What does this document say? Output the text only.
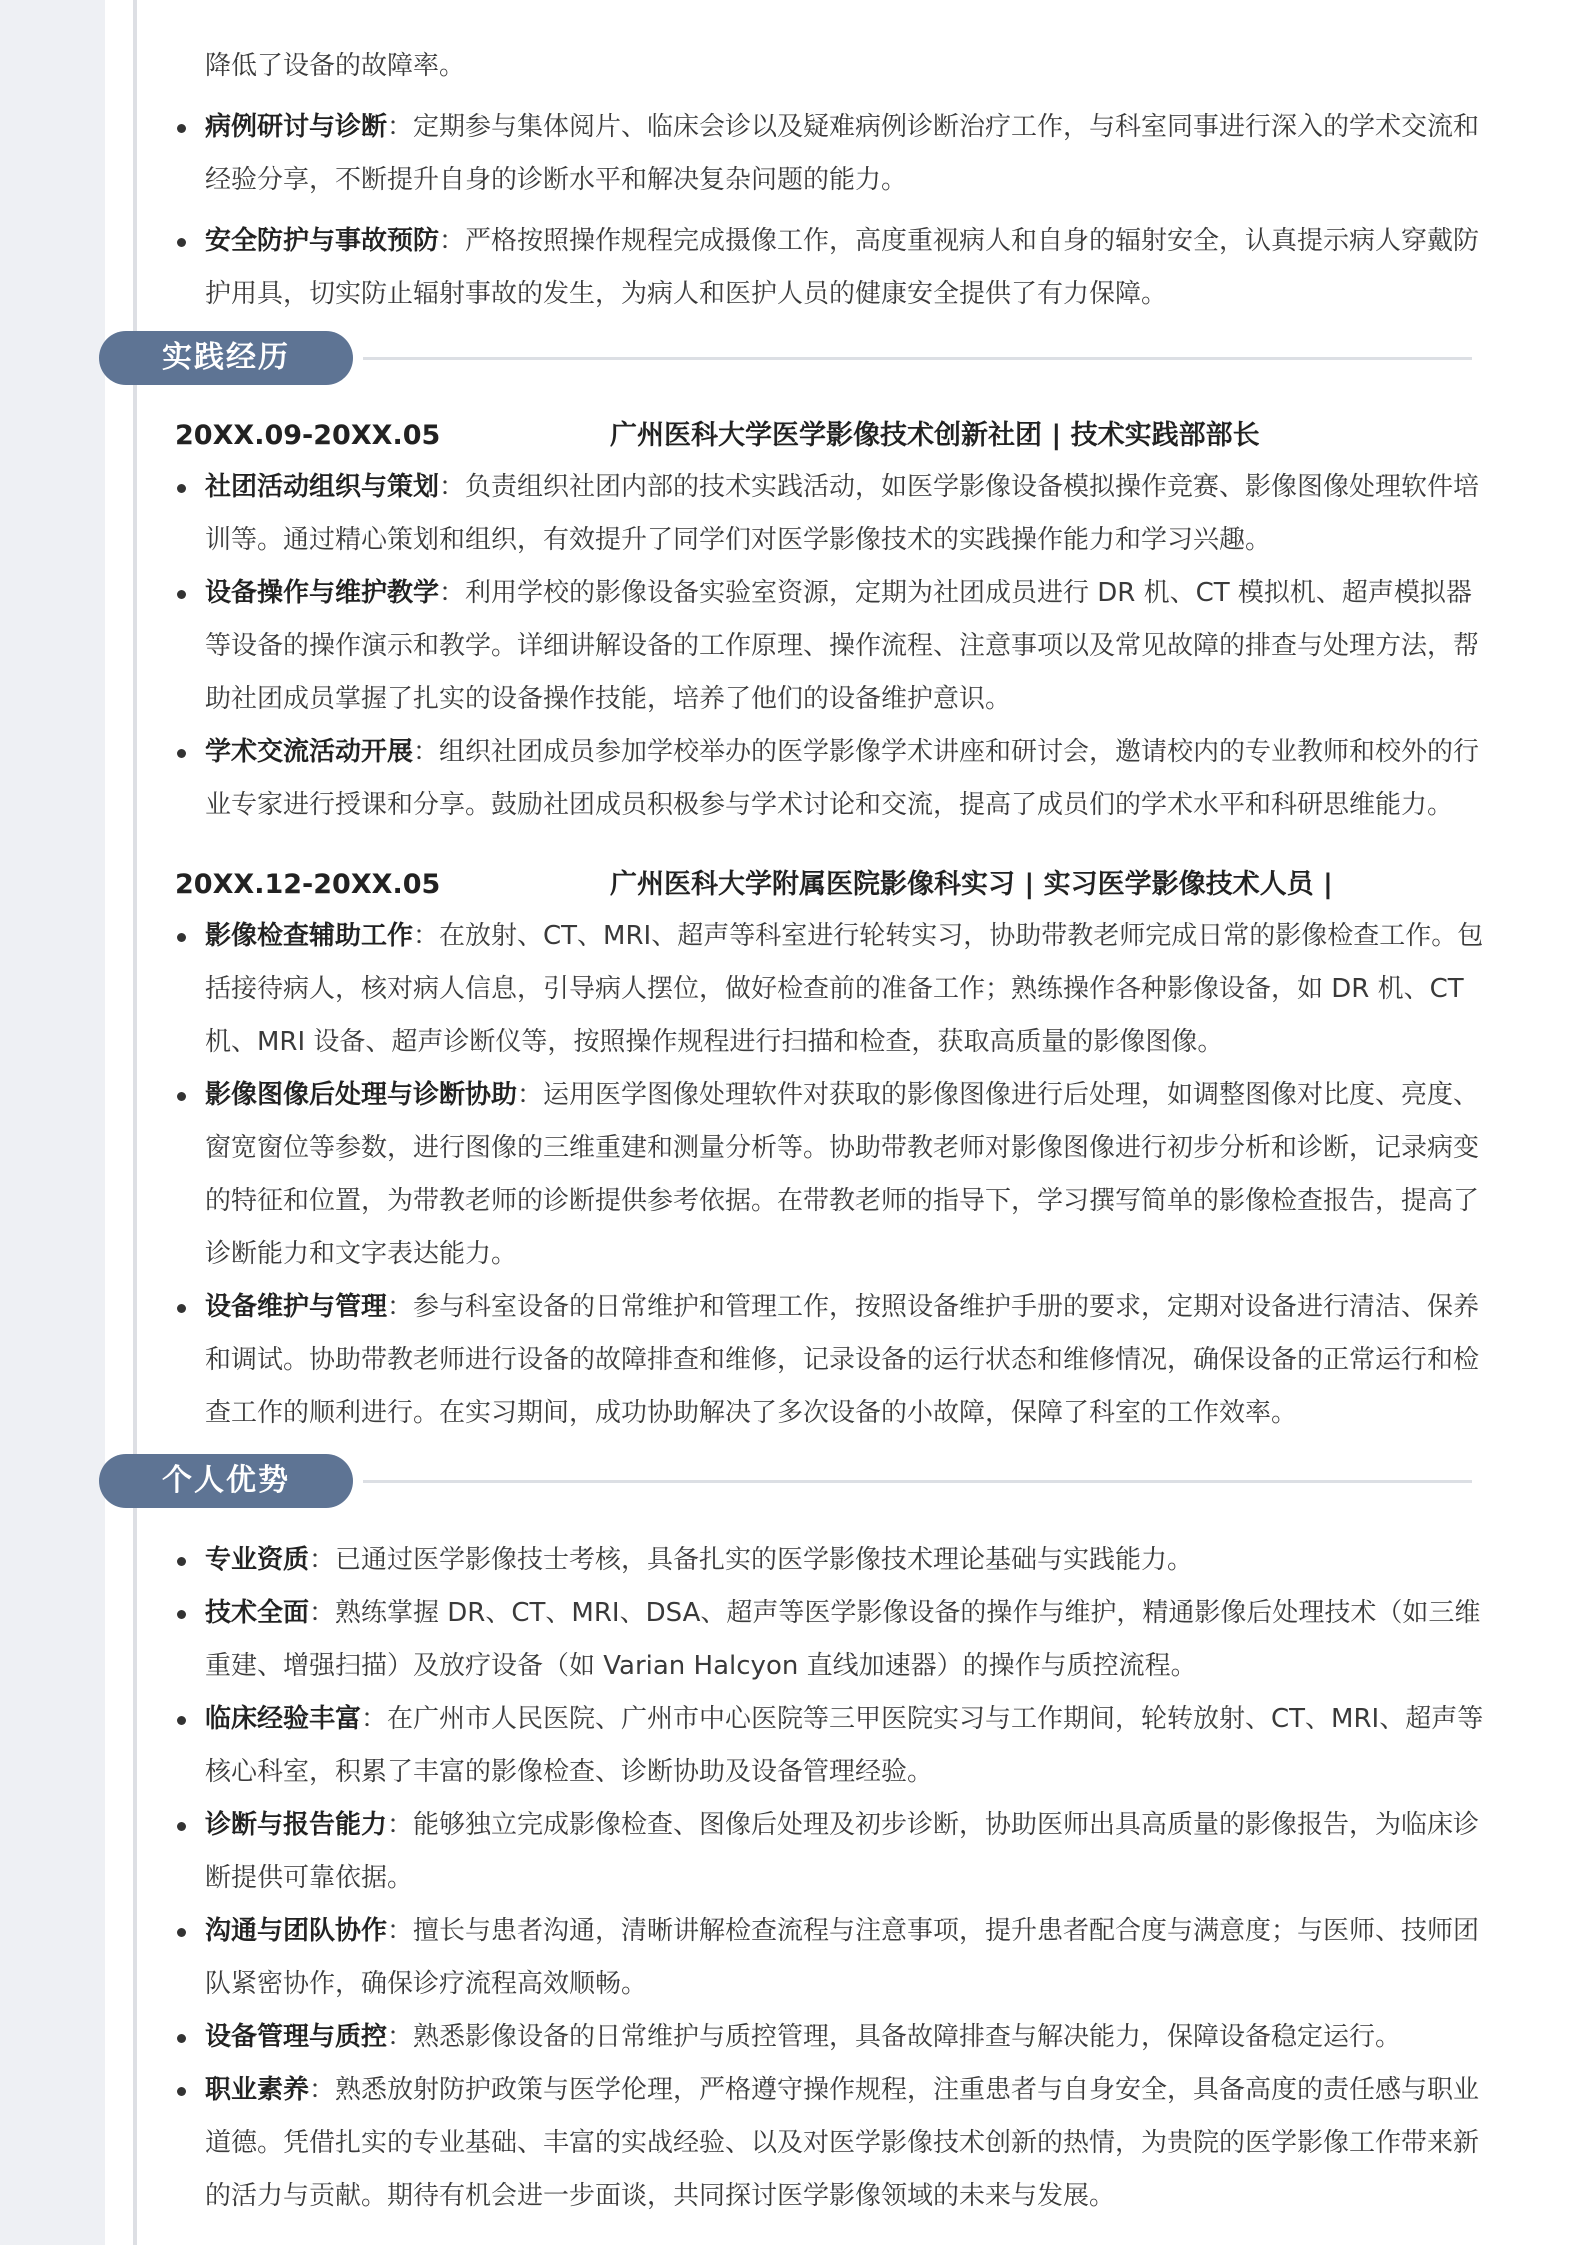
降低了设备的故障率。
病例研讨与诊断：定期参与集体阅片、临床会诊以及疑难病例诊断治疗工作，与科室同事进行深入的学术交流和经验分享，不断提升自身的诊断水平和解决复杂问题的能力。
安全防护与事故预防：严格按照操作规程完成摄像工作，高度重视病人和自身的辐射安全，认真提示病人穿戴防护用具，切实防止辐射事故的发生，为病人和医护人员的健康安全提供了有力保障。
实践经历
20XX.09-20XX.05	广州医科大学医学影像技术创新社团 | 技术实践部部长
社团活动组织与策划：负责组织社团内部的技术实践活动，如医学影像设备模拟操作竞赛、影像图像处理软件培训等。通过精心策划和组织，有效提升了同学们对医学影像技术的实践操作能力和学习兴趣。
设备操作与维护教学：利用学校的影像设备实验室资源，定期为社团成员进行 DR 机、CT 模拟机、超声模拟器等设备的操作演示和教学。详细讲解设备的工作原理、操作流程、注意事项以及常见故障的排查与处理方法，帮助社团成员掌握了扎实的设备操作技能，培养了他们的设备维护意识。
学术交流活动开展：组织社团成员参加学校举办的医学影像学术讲座和研讨会，邀请校内的专业教师和校外的行业专家进行授课和分享。鼓励社团成员积极参与学术讨论和交流，提高了成员们的学术水平和科研思维能力。
20XX.12-20XX.05	广州医科大学附属医院影像科实习 | 实习医学影像技术人员 |
影像检查辅助工作：在放射、CT、MRI、超声等科室进行轮转实习，协助带教老师完成日常的影像检查工作。包括接待病人，核对病人信息，引导病人摆位，做好检查前的准备工作；熟练操作各种影像设备，如 DR 机、CT 机、MRI 设备、超声诊断仪等，按照操作规程进行扫描和检查，获取高质量的影像图像。
影像图像后处理与诊断协助：运用医学图像处理软件对获取的影像图像进行后处理，如调整图像对比度、亮度、窗宽窗位等参数，进行图像的三维重建和测量分析等。协助带教老师对影像图像进行初步分析和诊断，记录病变的特征和位置，为带教老师的诊断提供参考依据。在带教老师的指导下，学习撰写简单的影像检查报告，提高了诊断能力和文字表达能力。
设备维护与管理：参与科室设备的日常维护和管理工作，按照设备维护手册的要求，定期对设备进行清洁、保养和调试。协助带教老师进行设备的故障排查和维修，记录设备的运行状态和维修情况，确保设备的正常运行和检查工作的顺利进行。在实习期间，成功协助解决了多次设备的小故障，保障了科室的工作效率。
个人优势
专业资质：已通过医学影像技士考核，具备扎实的医学影像技术理论基础与实践能力。
技术全面：熟练掌握 DR、CT、MRI、DSA、超声等医学影像设备的操作与维护，精通影像后处理技术（如三维重建、增强扫描）及放疗设备（如 Varian Halcyon 直线加速器）的操作与质控流程。
临床经验丰富：在广州市人民医院、广州市中心医院等三甲医院实习与工作期间，轮转放射、CT、MRI、超声等核心科室，积累了丰富的影像检查、诊断协助及设备管理经验。
诊断与报告能力：能够独立完成影像检查、图像后处理及初步诊断，协助医师出具高质量的影像报告，为临床诊断提供可靠依据。
沟通与团队协作：擅长与患者沟通，清晰讲解检查流程与注意事项，提升患者配合度与满意度；与医师、技师团队紧密协作，确保诊疗流程高效顺畅。
设备管理与质控：熟悉影像设备的日常维护与质控管理，具备故障排查与解决能力，保障设备稳定运行。
职业素养：熟悉放射防护政策与医学伦理，严格遵守操作规程，注重患者与自身安全，具备高度的责任感与职业道德。凭借扎实的专业基础、丰富的实战经验、以及对医学影像技术创新的热情，为贵院的医学影像工作带来新的活力与贡献。期待有机会进一步面谈，共同探讨医学影像领域的未来与发展。
